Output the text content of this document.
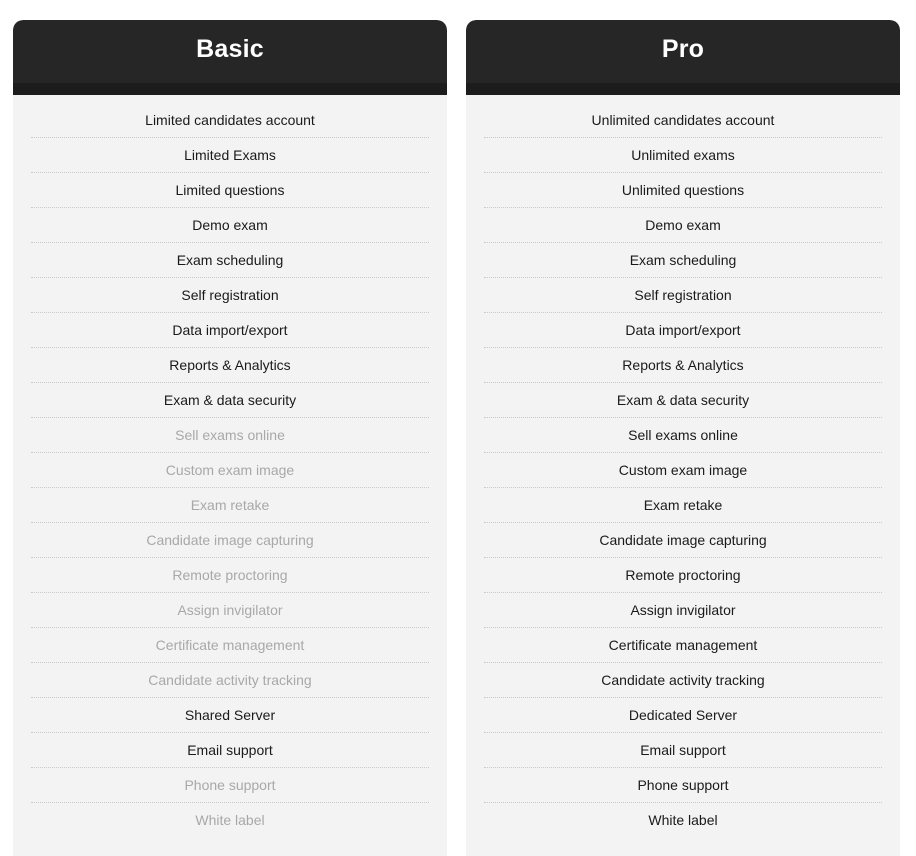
Basic
Limited candidates account
Limited Exams
Limited questions
Demo exam
Exam scheduling
Self registration
Data import/export
Reports & Analytics
Exam & data security
Sell exams online
Custom exam image
Exam retake
Candidate image capturing
Remote proctoring
Assign invigilator
Certificate management
Candidate activity tracking
Shared Server
Email support
Phone support
White label
Pro
Unlimited candidates account
Unlimited exams
Unlimited questions
Demo exam
Exam scheduling
Self registration
Data import/export
Reports & Analytics
Exam & data security
Sell exams online
Custom exam image
Exam retake
Candidate image capturing
Remote proctoring
Assign invigilator
Certificate management
Candidate activity tracking
Dedicated Server
Email support
Phone support
White label
